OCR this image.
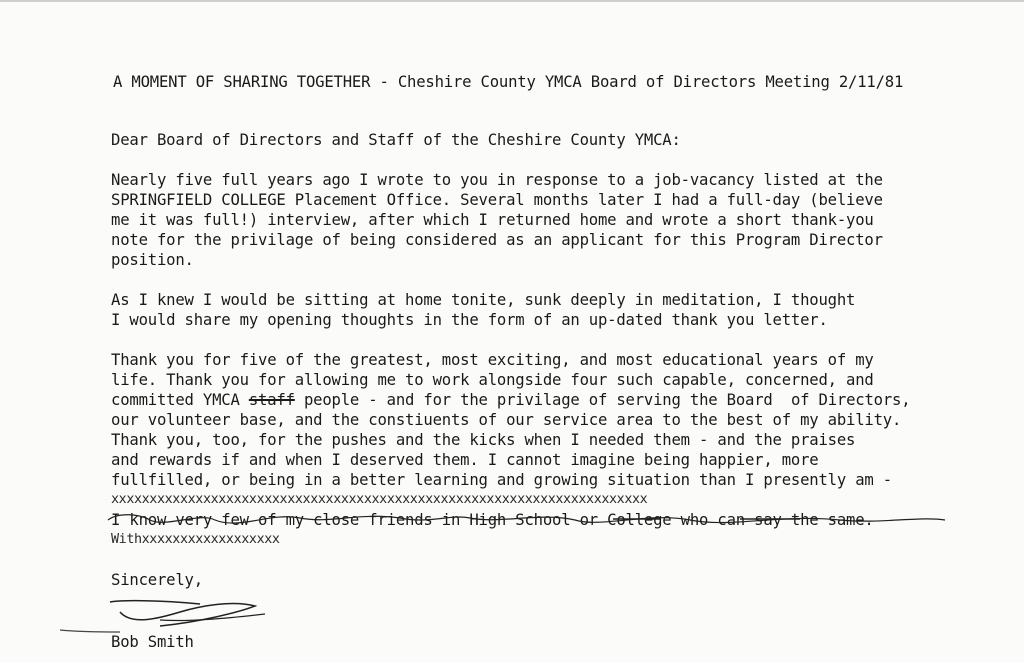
A MOMENT OF SHARING TOGETHER - Cheshire County YMCA Board of Directors Meeting 2/11/81
Dear Board of Directors and Staff of the Cheshire County YMCA:
Nearly five full years ago I wrote to you in response to a job-vacancy listed at the
SPRINGFIELD COLLEGE Placement Office. Several months later I had a full-day (believe
me it was full!) interview, after which I returned home and wrote a short thank-you
note for the privilage of being considered as an applicant for this Program Director
position.
As I knew I would be sitting at home tonite, sunk deeply in meditation, I thought
I would share my opening thoughts in the form of an up-dated thank you letter.
Thank you for five of the greatest, most exciting, and most educational years of my
life. Thank you for allowing me to work alongside four such capable, concerned, and
committed YMCA staff people - and for the privilage of serving the Board  of Directors,
our volunteer base, and the constiuents of our service area to the best of my ability.
Thank you, too, for the pushes and the kicks when I needed them - and the praises
and rewards if and when I deserved them. I cannot imagine being happier, more
fullfilled, or being in a better learning and growing situation than I presently am -
xxxxxxxxxxxxxxxxxxxxxxxxxxxxxxxxxxxxxxxxxxxxxxxxxxxxxxxxxxxxxxxxxxxxxx
I know very few of my close friends in High School or College who can say the same.
Withxxxxxxxxxxxxxxxxxx
Sincerely,
Bob Smith
